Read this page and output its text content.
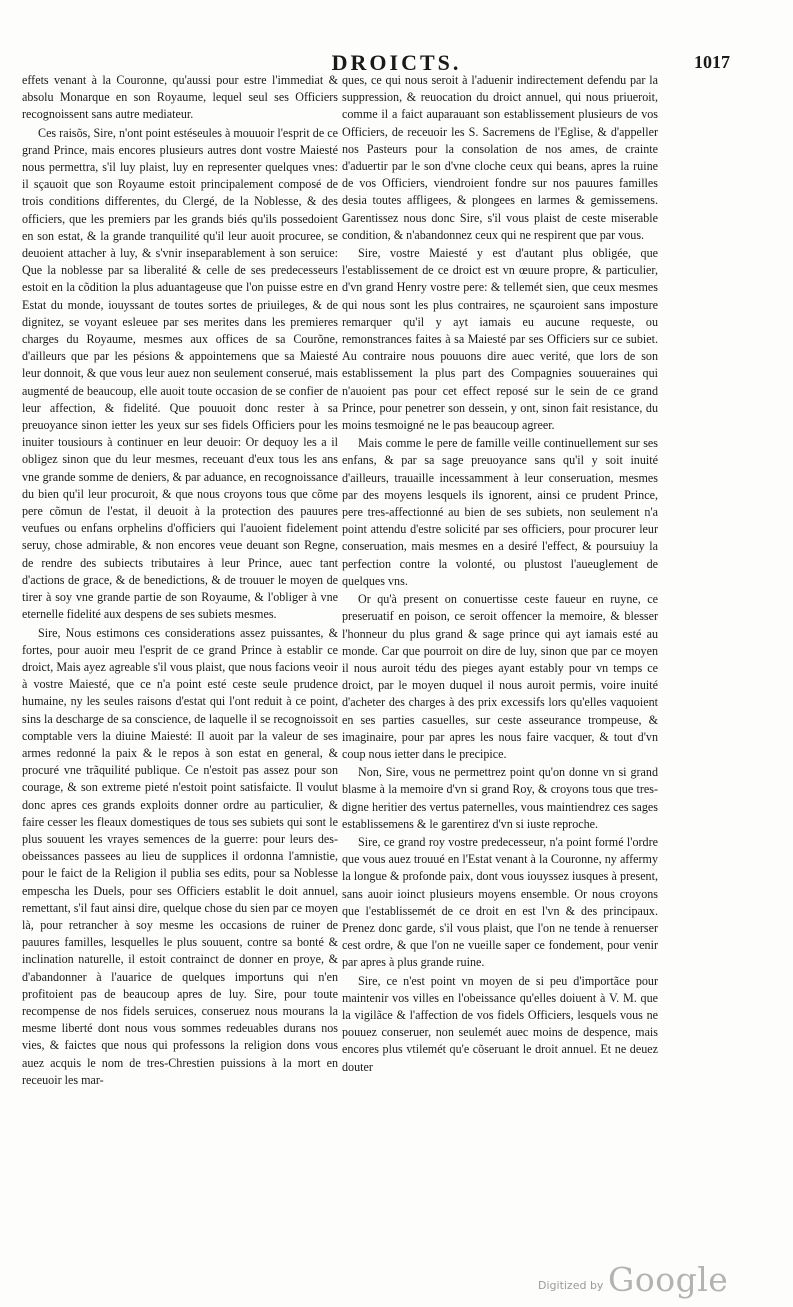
DROICTS.	1017

effets venant à la Couronne, qu'aussi pour estre l'immediat & absolu Monarque en son Royaume, lequel seul ses Officiers recognoissent sans autre mediateur.

Ces raisõs, Sire, n'ont point estéseules à mouuoir l'esprit de ce grand Prince, mais encores plusieurs autres dont vostre Maiesté nous permettra, s'il luy plaist, luy en representer quelques vnes: il sçauoit que son Royaume estoit principalement composé de trois conditions differentes, du Clergé, de la Noblesse, & des officiers, que les premiers par les grands biés qu'ils possedoient en son estat, & la grande tranquilité qu'il leur auoit procuree, se deuoient attacher à luy, & s'vnir inseparablement à son seruice: Que la noblesse par sa liberalité & celle de ses predecesseurs estoit en la cõdition la plus aduantageuse que l'on puisse estre en Estat du monde, iouyssant de toutes sortes de priuileges, & de dignitez, se voyant esleuee par ses merites dans les premieres charges du Royaume, mesmes aux offices de sa Courõne, d'ailleurs que par les pésions & appointemens que sa Maiesté leur donnoit, & que vous leur auez non seulement conserué, mais augmenté de beaucoup, elle auoit toute occasion de se confier de leur affection, & fidelité. Que pouuoit donc rester à sa preuoyance sinon ietter les yeux sur ses fidels Officiers pour les inuiter tousiours à continuer en leur deuoir: Or dequoy les a il obligez sinon que du leur mesmes, receuant d'eux tous les ans vne grande somme de deniers, & par aduance, en recognoissance du bien qu'il leur procuroit, & que nous croyons tous que cõme pere cõmun de l'estat, il deuoit à la protection des pauures veufues ou enfans orphelins d'officiers qui l'auoient fidelement seruy, chose admirable, & non encores veue deuant son Regne, de rendre des subiects tributaires à leur Prince, auec tant d'actions de grace, & de benedictions, & de trouuer le moyen de tirer à soy vne grande partie de son Royaume, & l'obliger à vne eternelle fidelité aux despens de ses subiets mesmes.

Sire, Nous estimons ces considerations assez puissantes, & fortes, pour auoir meu l'esprit de ce grand Prince à establir ce droict, Mais ayez agreable s'il vous plaist, que nous facions veoir à vostre Maiesté, que ce n'a point esté ceste seule prudence humaine, ny les seules raisons d'estat qui l'ont reduit à ce point, sins la descharge de sa conscience, de laquelle il se recognoissoit comptable vers la diuine Maiesté: Il auoit par la valeur de ses armes redonné la paix & le repos à son estat en general, & procuré vne trãquilité publique. Ce n'estoit pas assez pour son courage, & son extreme pieté n'estoit point satisfaicte. Il voulut donc apres ces grands exploits donner ordre au particulier, & faire cesser les fleaux domestiques de tous ses subiets qui sont le plus souuent les vrayes semences de la guerre: pour leurs des-obeissances passees au lieu de supplices il ordonna l'amnistie, pour le faict de la Religion il publia ses edits, pour sa Noblesse empescha les Duels, pour ses Officiers establit le doit annuel, remettant, s'il faut ainsi dire, quelque chose du sien par ce moyen là, pour retrancher à soy mesme les occasions de ruiner de pauures familles, lesquelles le plus souuent, contre sa bonté & inclination naturelle, il estoit contrainct de donner en proye, & d'abandonner à l'auarice de quelques importuns qui n'en profitoient pas de beaucoup apres de luy. Sire, pour toute recompense de nos fidels seruices, conseruez nous mourans la mesme liberté dont nous vous sommes redeuables durans nos vies, & faictes que nous qui professons la religion dons vous auez acquis le nom de tres-Chrestien puissions à la mort en receuoir les mar-

ques, ce qui nous seroit à l'aduenir indirectement defendu par la suppression, & reuocation du droict annuel, qui nous priueroit, comme il a faict auparauant son establissement plusieurs de vos Officiers, de receuoir les S. Sacremens de l'Eglise, & d'appeller nos Pasteurs pour la consolation de nos ames, de crainte d'aduertir par le son d'vne cloche ceux qui beans, apres la ruine de vos Officiers, viendroient fondre sur nos pauures familles desia toutes affligees, & plongees en larmes & gemissemens. Garentissez nous donc Sire, s'il vous plaist de ceste miserable condition, & n'abandonnez ceux qui ne respirent que par vous.

Sire, vostre Maiesté y est d'autant plus obligée, que l'establissement de ce droict est vn œuure propre, & particulier, d'vn grand Henry vostre pere: & tellemét sien, que ceux mesmes qui nous sont les plus contraires, ne sçauroient sans imposture remarquer qu'il y ayt iamais eu aucune requeste, ou remonstrances faites à sa Maiesté par ses Officiers sur ce subiet. Au contraire nous pouuons dire auec verité, que lors de son establissement la plus part des Compagnies souueraines qui n'auoient pas pour cet effect reposé sur le sein de ce grand Prince, pour penetrer son dessein, y ont, sinon fait resistance, du moins tesmoigné ne le pas beaucoup agreer.

Mais comme le pere de famille veille continuellement sur ses enfans, & par sa sage preuoyance sans qu'il y soit inuité d'ailleurs, trauaille incessamment à leur conseruation, mesmes par des moyens lesquels ils ignorent, ainsi ce prudent Prince, pere tres-affectionné au bien de ses subiets, non seulement n'a point attendu d'estre solicité par ses officiers, pour procurer leur conseruation, mais mesmes en a desiré l'effect, & poursuiuy la perfection contre la volonté, ou plustost l'aueuglement de quelques vns.

Or qu'à present on conuertisse ceste faueur en ruyne, ce preseruatif en poison, ce seroit offencer la memoire, & blesser l'honneur du plus grand & sage prince qui ayt iamais esté au monde. Car que pourroit on dire de luy, sinon que par ce moyen il nous auroit tédu des pieges ayant estably pour vn temps ce droict, par le moyen duquel il nous auroit permis, voire inuité d'acheter des charges à des prix excessifs lors qu'elles vaquoient en ses parties casuelles, sur ceste asseurance trompeuse, & imaginaire, pour par apres les nous faire vacquer, & tout d'vn coup nous ietter dans le precipice.

Non, Sire, vous ne permettrez point qu'on donne vn si grand blasme à la memoire d'vn si grand Roy, & croyons tous que tres-digne heritier des vertus paternelles, vous maintiendrez ces sages establissemens & le garentirez d'vn si iuste reproche.

Sire, ce grand roy vostre predecesseur, n'a point formé l'ordre que vous auez trouué en l'Estat venant à la Couronne, ny affermy la longue & profonde paix, dont vous iouyssez iusques à present, sans auoir ioinct plusieurs moyens ensemble. Or nous croyons que l'establissemét de ce droit en est l'vn & des principaux. Prenez donc garde, s'il vous plaist, que l'on ne tende à renuerser cest ordre, & que l'on ne vueille saper ce fondement, pour venir par apres à plus grande ruine.

Sire, ce n'est point vn moyen de si peu d'importãce pour maintenir vos villes en l'obeissance qu'elles doiuent à V. M. que la vigilãce & l'affection de vos fidels Officiers, lesquels vous ne pouuez conseruer, non seulemét auec moins de despence, mais encores plus vtilemét qu'e cõseruant le droit annuel. Et ne deuez douter

Digitized by Google
